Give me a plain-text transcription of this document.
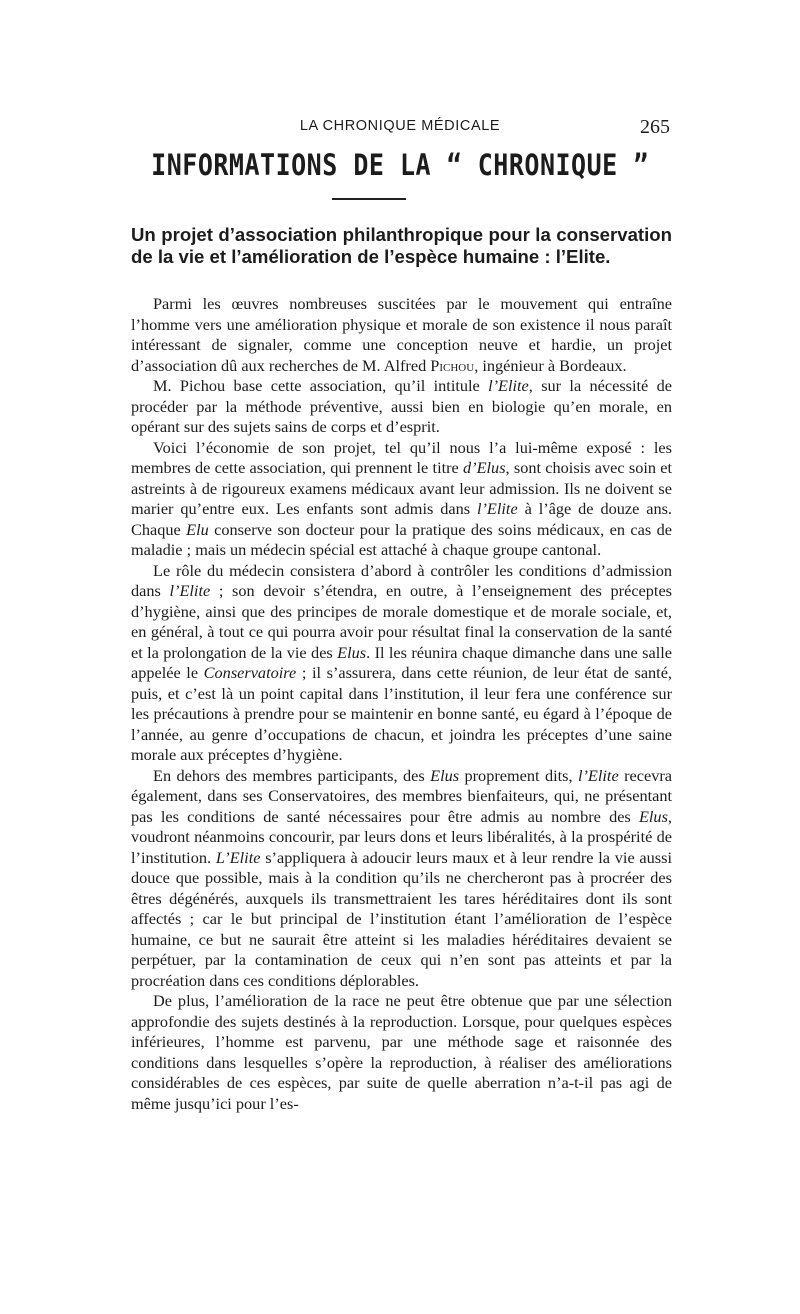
LA CHRONIQUE MÉDICALE	265
INFORMATIONS DE LA “ CHRONIQUE ”
Un projet d’association philanthropique pour la conservation de la vie et l’amélioration de l’espèce humaine : l’Elite.

Parmi les œuvres nombreuses suscitées par le mouvement qui entraîne l’homme vers une amélioration physique et morale de son existence il nous paraît intéressant de signaler, comme une conception neuve et hardie, un projet d’association dû aux recherches de M. Alfred Pichou, ingénieur à Bordeaux.

M. Pichou base cette association, qu’il intitule l’Elite, sur la nécessité de procéder par la méthode préventive, aussi bien en biologie qu’en morale, en opérant sur des sujets sains de corps et d’esprit.

Voici l’économie de son projet, tel qu’il nous l’a lui-même exposé : les membres de cette association, qui prennent le titre d’Elus, sont choisis avec soin et astreints à de rigoureux examens médicaux avant leur admission. Ils ne doivent se marier qu’entre eux. Les enfants sont admis dans l’Elite à l’âge de douze ans. Chaque Elu conserve son docteur pour la pratique des soins médicaux, en cas de maladie ; mais un médecin spécial est attaché à chaque groupe cantonal.

Le rôle du médecin consistera d’abord à contrôler les conditions d’admission dans l’Elite ; son devoir s’étendra, en outre, à l’enseignement des préceptes d’hygiène, ainsi que des principes de morale domestique et de morale sociale, et, en général, à tout ce qui pourra avoir pour résultat final la conservation de la santé et la prolongation de la vie des Elus. Il les réunira chaque dimanche dans une salle appelée le Conservatoire ; il s’assurera, dans cette réunion, de leur état de santé, puis, et c’est là un point capital dans l’institution, il leur fera une conférence sur les précautions à prendre pour se maintenir en bonne santé, eu égard à l’époque de l’année, au genre d’occupations de chacun, et joindra les préceptes d’une saine morale aux préceptes d’hygiène.

En dehors des membres participants, des Elus proprement dits, l’Elite recevra également, dans ses Conservatoires, des membres bienfaiteurs, qui, ne présentant pas les conditions de santé nécessaires pour être admis au nombre des Elus, voudront néanmoins concourir, par leurs dons et leurs libéralités, à la prospérité de l’institution. L’Elite s’appliquera à adoucir leurs maux et à leur rendre la vie aussi douce que possible, mais à la condition qu’ils ne chercheront pas à procréer des êtres dégénérés, auxquels ils transmettraient les tares héréditaires dont ils sont affectés ; car le but principal de l’institution étant l’amélioration de l’espèce humaine, ce but ne saurait être atteint si les maladies héréditaires devaient se perpétuer, par la contamination de ceux qui n’en sont pas atteints et par la procréation dans ces conditions déplorables.

De plus, l’amélioration de la race ne peut être obtenue que par une sélection approfondie des sujets destinés à la reproduction. Lorsque, pour quelques espèces inférieures, l’homme est parvenu, par une méthode sage et raisonnée des conditions dans lesquelles s’opère la reproduction, à réaliser des améliorations considérables de ces espèces, par suite de quelle aberration n’a-t-il pas agi de même jusqu’ici pour l’es-
